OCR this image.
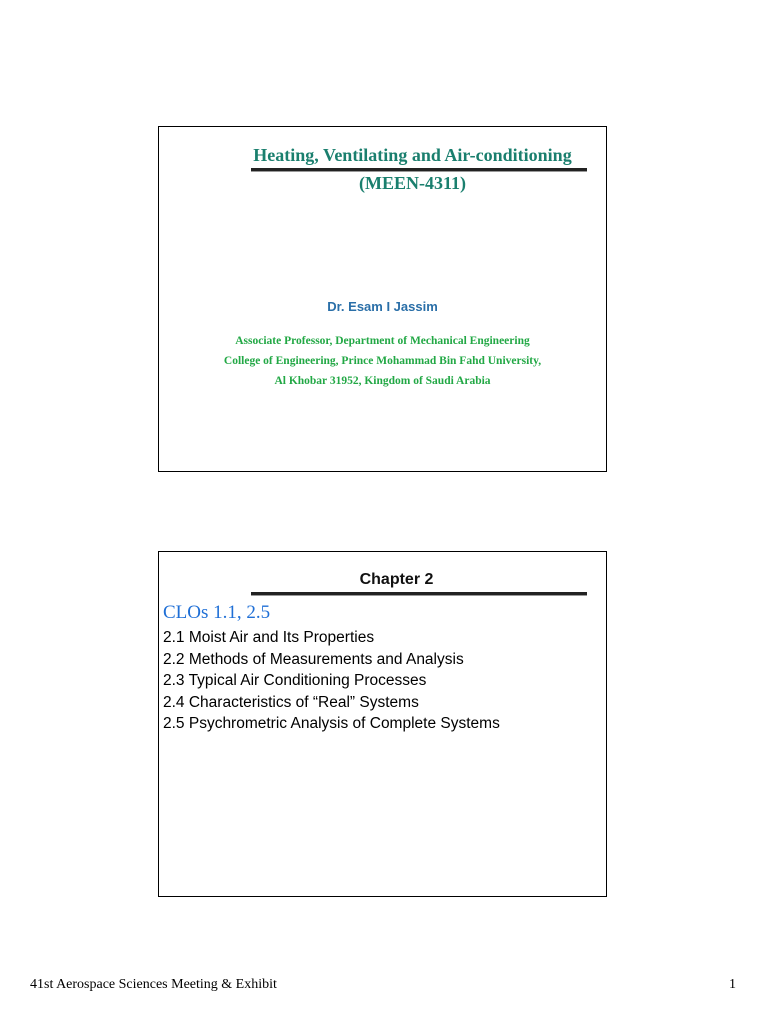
Heating, Ventilating and Air-conditioning
(MEEN-4311)
Dr. Esam I Jassim
Associate Professor, Department of Mechanical Engineering
College of Engineering, Prince Mohammad Bin Fahd University,
Al Khobar 31952, Kingdom of Saudi Arabia
Chapter 2
CLOs 1.1, 2.5
2.1 Moist Air and Its Properties
2.2 Methods of Measurements and Analysis
2.3 Typical Air Conditioning Processes
2.4 Characteristics of “Real” Systems
2.5 Psychrometric Analysis of Complete Systems
41st Aerospace Sciences Meeting & Exhibit	1
